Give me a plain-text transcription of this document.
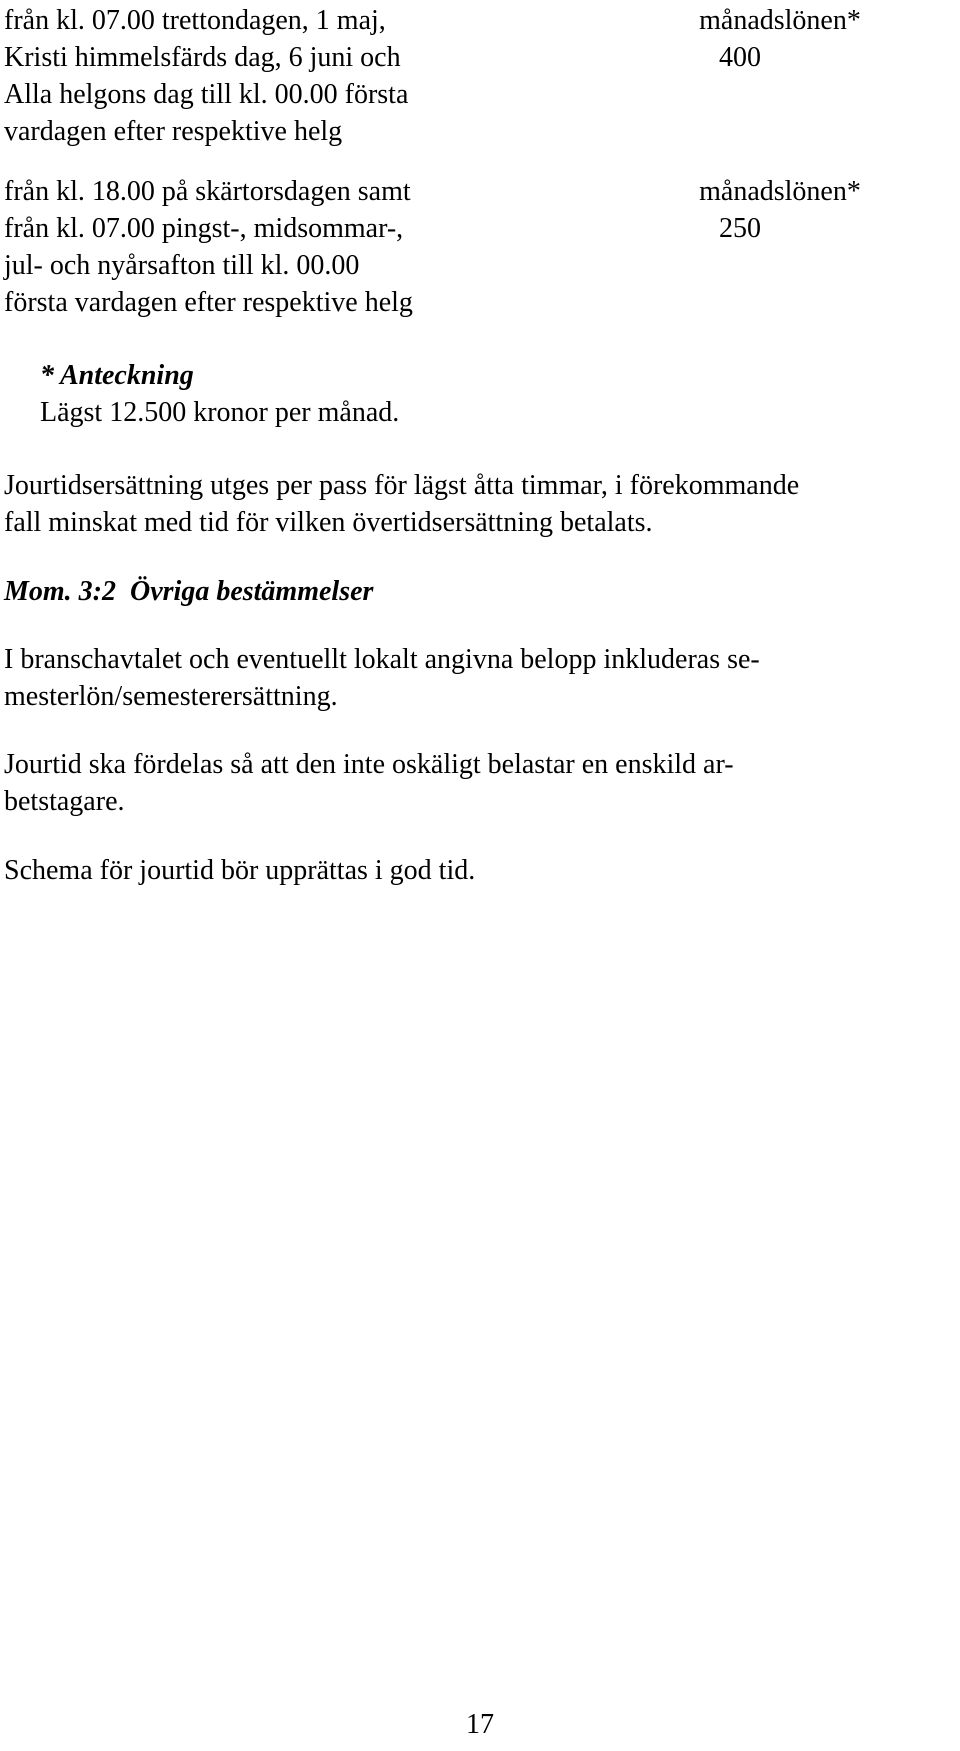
från kl. 07.00 trettondagen, 1 maj,
Kristi himmelsfärds dag, 6 juni och
Alla helgons dag till kl. 00.00 första
vardagen efter respektive helg
månadslönen*
400
från kl. 18.00 på skärtorsdagen samt
från kl. 07.00 pingst-, midsommar-,
jul- och nyårsafton till kl. 00.00
första vardagen efter respektive helg
månadslönen*
250
* Anteckning
Lägst 12.500 kronor per månad.
Jourtidsersättning utges per pass för lägst åtta timmar, i förekommande
fall minskat med tid för vilken övertidsersättning betalats.
Mom. 3:2  Övriga bestämmelser
I branschavtalet och eventuellt lokalt angivna belopp inkluderas se-
mesterlön/semesterersättning.
Jourtid ska fördelas så att den inte oskäligt belastar en enskild ar-
betstagare.
Schema för jourtid bör upprättas i god tid.
17
